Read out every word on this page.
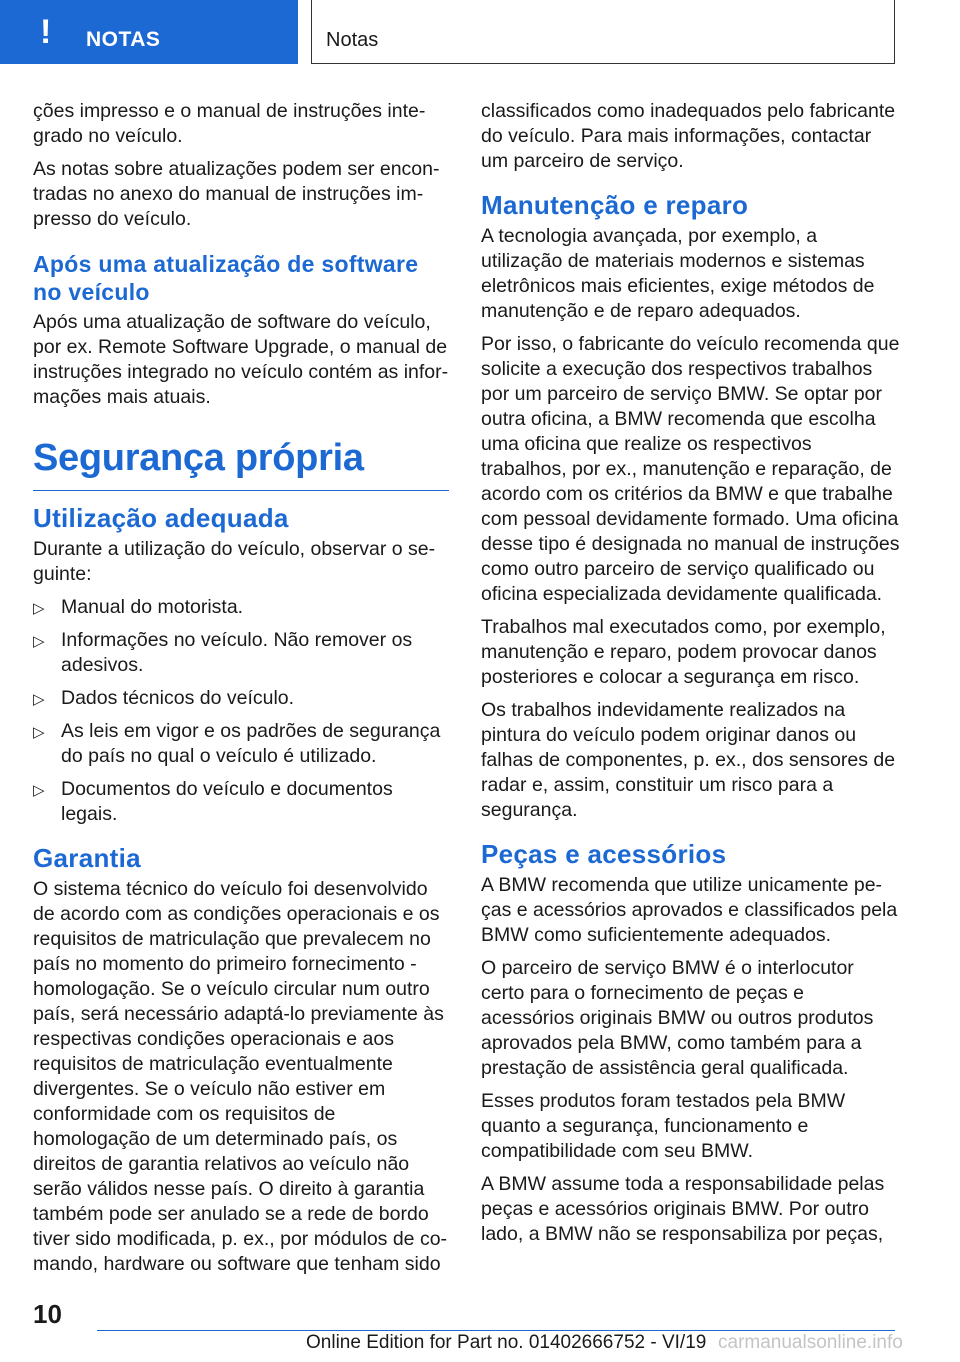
! NOTAS	Notas

ções impresso e o manual de instruções integrado no veículo.

As notas sobre atualizações podem ser encontradas no anexo do manual de instruções impresso do veículo.

Após uma atualização de software no veículo

Após uma atualização de software do veículo, por ex. Remote Software Upgrade, o manual de instruções integrado no veículo contém as informações mais atuais.

Segurança própria
Utilização adequada

Durante a utilização do veículo, observar o seguinte:

▷ Manual do motorista.
▷ Informações no veículo. Não remover os adesivos.
▷ Dados técnicos do veículo.
▷ As leis em vigor e os padrões de segurança do país no qual o veículo é utilizado.
▷ Documentos do veículo e documentos legais.
Garantia

O sistema técnico do veículo foi desenvolvido de acordo com as condições operacionais e os requisitos de matriculação que prevalecem no país no momento do primeiro fornecimento - homologação. Se o veículo circular num outro país, será necessário adaptá-lo previamente às respectivas condições operacionais e aos requisitos de matriculação eventualmente divergentes. Se o veículo não estiver em conformidade com os requisitos de homologação de um determinado país, os direitos de garantia relativos ao veículo não serão válidos nesse país. O direito à garantia também pode ser anulado se a rede de bordo tiver sido modificada, p. ex., por módulos de comando, hardware ou software que tenham sido

classificados como inadequados pelo fabricante do veículo. Para mais informações, contactar um parceiro de serviço.

Manutenção e reparo

A tecnologia avançada, por exemplo, a utilização de materiais modernos e sistemas eletrônicos mais eficientes, exige métodos de manutenção e de reparo adequados.

Por isso, o fabricante do veículo recomenda que solicite a execução dos respectivos trabalhos por um parceiro de serviço BMW. Se optar por outra oficina, a BMW recomenda que escolha uma oficina que realize os respectivos trabalhos, por ex., manutenção e reparação, de acordo com os critérios da BMW e que trabalhe com pessoal devidamente formado. Uma oficina desse tipo é designada no manual de instruções como outro parceiro de serviço qualificado ou oficina especializada devidamente qualificada.

Trabalhos mal executados como, por exemplo, manutenção e reparo, podem provocar danos posteriores e colocar a segurança em risco.

Os trabalhos indevidamente realizados na pintura do veículo podem originar danos ou falhas de componentes, p. ex., dos sensores de radar e, assim, constituir um risco para a segurança.

Peças e acessórios

A BMW recomenda que utilize unicamente peças e acessórios aprovados e classificados pela BMW como suficientemente adequados.

O parceiro de serviço BMW é o interlocutor certo para o fornecimento de peças e acessórios originais BMW ou outros produtos aprovados pela BMW, como também para a prestação de assistência geral qualificada.

Esses produtos foram testados pela BMW quanto a segurança, funcionamento e compatibilidade com seu BMW.

A BMW assume toda a responsabilidade pelas peças e acessórios originais BMW. Por outro lado, a BMW não se responsabiliza por peças,

10
Online Edition for Part no. 01402666752 - VI/19 carmanualsonline.info
